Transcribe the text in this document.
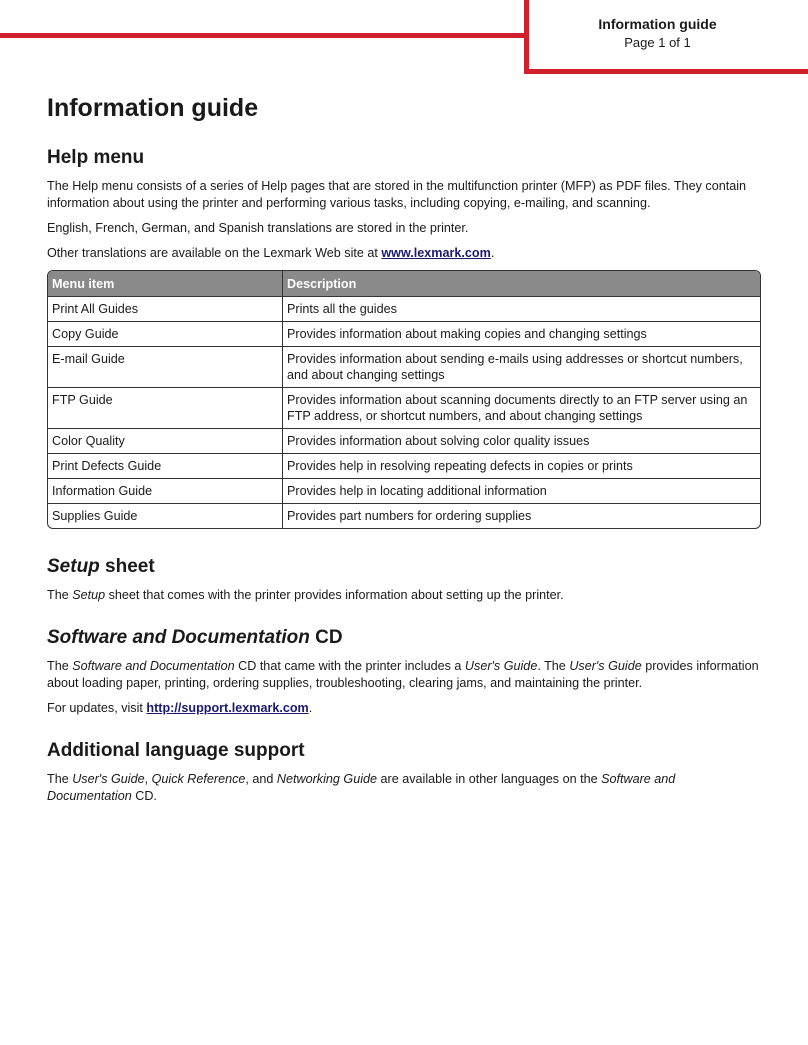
Information guide
Page 1 of 1
Information guide
Help menu

The Help menu consists of a series of Help pages that are stored in the multifunction printer (MFP) as PDF files. They contain information about using the printer and performing various tasks, including copying, e-mailing, and scanning.

English, French, German, and Spanish translations are stored in the printer.

Other translations are available on the Lexmark Web site at www.lexmark.com.

Menu item	Description
Print All Guides	Prints all the guides
Copy Guide	Provides information about making copies and changing settings
E-mail Guide	Provides information about sending e-mails using addresses or shortcut numbers, and about changing settings
FTP Guide	Provides information about scanning documents directly to an FTP server using an FTP address, or shortcut numbers, and about changing settings
Color Quality	Provides information about solving color quality issues
Print Defects Guide	Provides help in resolving repeating defects in copies or prints
Information Guide	Provides help in locating additional information
Supplies Guide	Provides part numbers for ordering supplies
Setup sheet

The Setup sheet that comes with the printer provides information about setting up the printer.

Software and Documentation CD

The Software and Documentation CD that came with the printer includes a User's Guide. The User's Guide provides information about loading paper, printing, ordering supplies, troubleshooting, clearing jams, and maintaining the printer.

For updates, visit http://support.lexmark.com.

Additional language support

The User's Guide, Quick Reference, and Networking Guide are available in other languages on the Software and Documentation CD.
